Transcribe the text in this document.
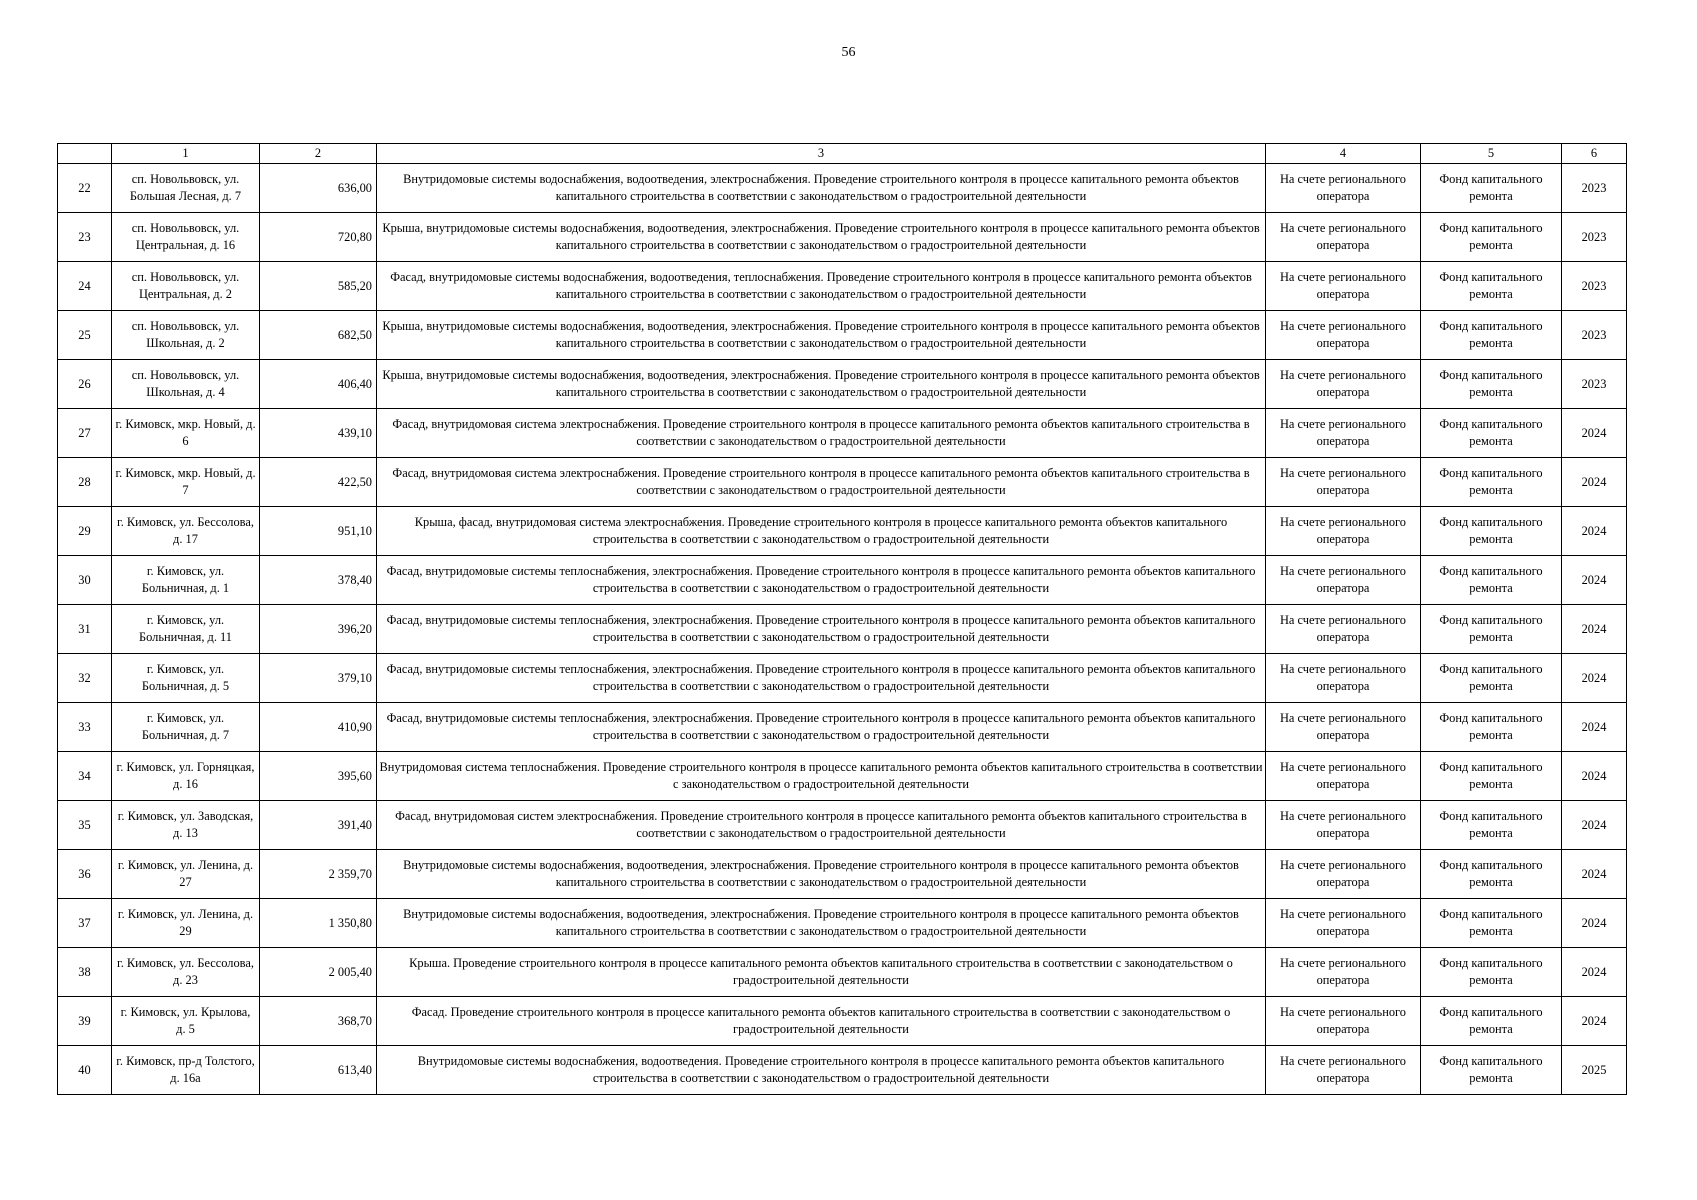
56
	1	2	3	4	5	6
22	сп. Новольвовск, ул. Большая Лесная, д. 7	636,00	Внутридомовые системы водоснабжения, водоотведения, электроснабжения. Проведение строительного контроля в процессе капитального ремонта объектов капитального строительства в соответствии с законодательством о градостроительной деятельности	На счете регионального оператора	Фонд капитального ремонта	2023
23	сп. Новольвовск, ул. Центральная, д. 16	720,80	Крыша, внутридомовые системы водоснабжения, водоотведения, электроснабжения. Проведение строительного контроля в процессе капитального ремонта объектов капитального строительства в соответствии с законодательством о градостроительной деятельности	На счете регионального оператора	Фонд капитального ремонта	2023
24	сп. Новольвовск, ул. Центральная, д. 2	585,20	Фасад, внутридомовые системы водоснабжения, водоотведения, теплоснабжения. Проведение строительного контроля в процессе капитального ремонта объектов капитального строительства в соответствии с законодательством о градостроительной деятельности	На счете регионального оператора	Фонд капитального ремонта	2023
25	сп. Новольвовск, ул. Школьная, д. 2	682,50	Крыша, внутридомовые системы водоснабжения, водоотведения, электроснабжения. Проведение строительного контроля в процессе капитального ремонта объектов капитального строительства в соответствии с законодательством о градостроительной деятельности	На счете регионального оператора	Фонд капитального ремонта	2023
26	сп. Новольвовск, ул. Школьная, д. 4	406,40	Крыша, внутридомовые системы водоснабжения, водоотведения, электроснабжения. Проведение строительного контроля в процессе капитального ремонта объектов капитального строительства в соответствии с законодательством о градостроительной деятельности	На счете регионального оператора	Фонд капитального ремонта	2023
27	г. Кимовск, мкр. Новый, д. 6	439,10	Фасад, внутридомовая система электроснабжения. Проведение строительного контроля в процессе капитального ремонта объектов капитального строительства в соответствии с законодательством о градостроительной деятельности	На счете регионального оператора	Фонд капитального ремонта	2024
28	г. Кимовск, мкр. Новый, д. 7	422,50	Фасад, внутридомовая система электроснабжения. Проведение строительного контроля в процессе капитального ремонта объектов капитального строительства в соответствии с законодательством о градостроительной деятельности	На счете регионального оператора	Фонд капитального ремонта	2024
29	г. Кимовск, ул. Бессолова, д. 17	951,10	Крыша, фасад, внутридомовая система электроснабжения. Проведение строительного контроля в процессе капитального ремонта объектов капитального строительства в соответствии с законодательством о градостроительной деятельности	На счете регионального оператора	Фонд капитального ремонта	2024
30	г. Кимовск, ул. Больничная, д. 1	378,40	Фасад, внутридомовые системы теплоснабжения, электроснабжения. Проведение строительного контроля в процессе капитального ремонта объектов капитального строительства в соответствии с законодательством о градостроительной деятельности	На счете регионального оператора	Фонд капитального ремонта	2024
31	г. Кимовск, ул. Больничная, д. 11	396,20	Фасад, внутридомовые системы теплоснабжения, электроснабжения. Проведение строительного контроля в процессе капитального ремонта объектов капитального строительства в соответствии с законодательством о градостроительной деятельности	На счете регионального оператора	Фонд капитального ремонта	2024
32	г. Кимовск, ул. Больничная, д. 5	379,10	Фасад, внутридомовые системы теплоснабжения, электроснабжения. Проведение строительного контроля в процессе капитального ремонта объектов капитального строительства в соответствии с законодательством о градостроительной деятельности	На счете регионального оператора	Фонд капитального ремонта	2024
33	г. Кимовск, ул. Больничная, д. 7	410,90	Фасад, внутридомовые системы теплоснабжения, электроснабжения. Проведение строительного контроля в процессе капитального ремонта объектов капитального строительства в соответствии с законодательством о градостроительной деятельности	На счете регионального оператора	Фонд капитального ремонта	2024
34	г. Кимовск, ул. Горняцкая, д. 16	395,60	Внутридомовая система теплоснабжения. Проведение строительного контроля в процессе капитального ремонта объектов капитального строительства в соответствии с законодательством о градостроительной деятельности	На счете регионального оператора	Фонд капитального ремонта	2024
35	г. Кимовск, ул. Заводская, д. 13	391,40	Фасад, внутридомовая систем электроснабжения. Проведение строительного контроля в процессе капитального ремонта объектов капитального строительства в соответствии с законодательством о градостроительной деятельности	На счете регионального оператора	Фонд капитального ремонта	2024
36	г. Кимовск, ул. Ленина, д. 27	2 359,70	Внутридомовые системы водоснабжения, водоотведения, электроснабжения. Проведение строительного контроля в процессе капитального ремонта объектов капитального строительства в соответствии с законодательством о градостроительной деятельности	На счете регионального оператора	Фонд капитального ремонта	2024
37	г. Кимовск, ул. Ленина, д. 29	1 350,80	Внутридомовые системы водоснабжения, водоотведения, электроснабжения. Проведение строительного контроля в процессе капитального ремонта объектов капитального строительства в соответствии с законодательством о градостроительной деятельности	На счете регионального оператора	Фонд капитального ремонта	2024
38	г. Кимовск, ул. Бессолова, д. 23	2 005,40	Крыша. Проведение строительного контроля в процессе капитального ремонта объектов капитального строительства в соответствии с законодательством о градостроительной деятельности	На счете регионального оператора	Фонд капитального ремонта	2024
39	г. Кимовск, ул. Крылова, д. 5	368,70	Фасад. Проведение строительного контроля в процессе капитального ремонта объектов капитального строительства в соответствии с законодательством о градостроительной деятельности	На счете регионального оператора	Фонд капитального ремонта	2024
40	г. Кимовск, пр-д Толстого, д. 16а	613,40	Внутридомовые системы водоснабжения, водоотведения. Проведение строительного контроля в процессе капитального ремонта объектов капитального строительства в соответствии с законодательством о градостроительной деятельности	На счете регионального оператора	Фонд капитального ремонта	2025
